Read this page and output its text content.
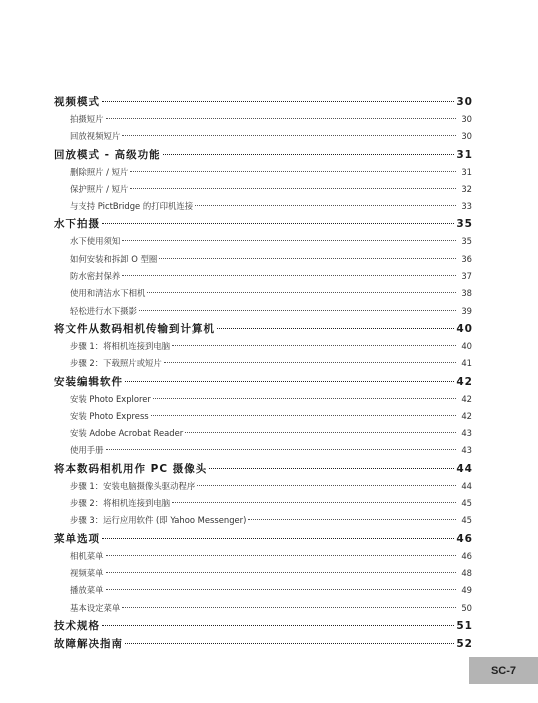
视频模式	30
拍摄短片	30
回放视频短片	30
回放模式 - 高级功能	31
删除照片 / 短片	31
保护照片 / 短片	32
与支持 PictBridge 的打印机连接	33
水下拍摄	35
水下使用须知	35
如何安装和拆卸 O 型圈	36
防水密封保养	37
使用和清洁水下相机	38
轻松进行水下摄影	39
将文件从数码相机传输到计算机	40
步骤 1：将相机连接到电脑	40
步骤 2：下载照片或短片	41
安装编辑软件	42
安装 Photo Explorer	42
安装 Photo Express	42
安装 Adobe Acrobat Reader	43
使用手册	43
将本数码相机用作 PC 摄像头	44
步骤 1：安装电脑摄像头驱动程序	44
步骤 2：将相机连接到电脑	45
步骤 3：运行应用软件 (即 Yahoo Messenger)	45
菜单选项	46
相机菜单	46
视频菜单	48
播放菜单	49
基本设定菜单	50
技术规格	51
故障解决指南	52
SC-7
